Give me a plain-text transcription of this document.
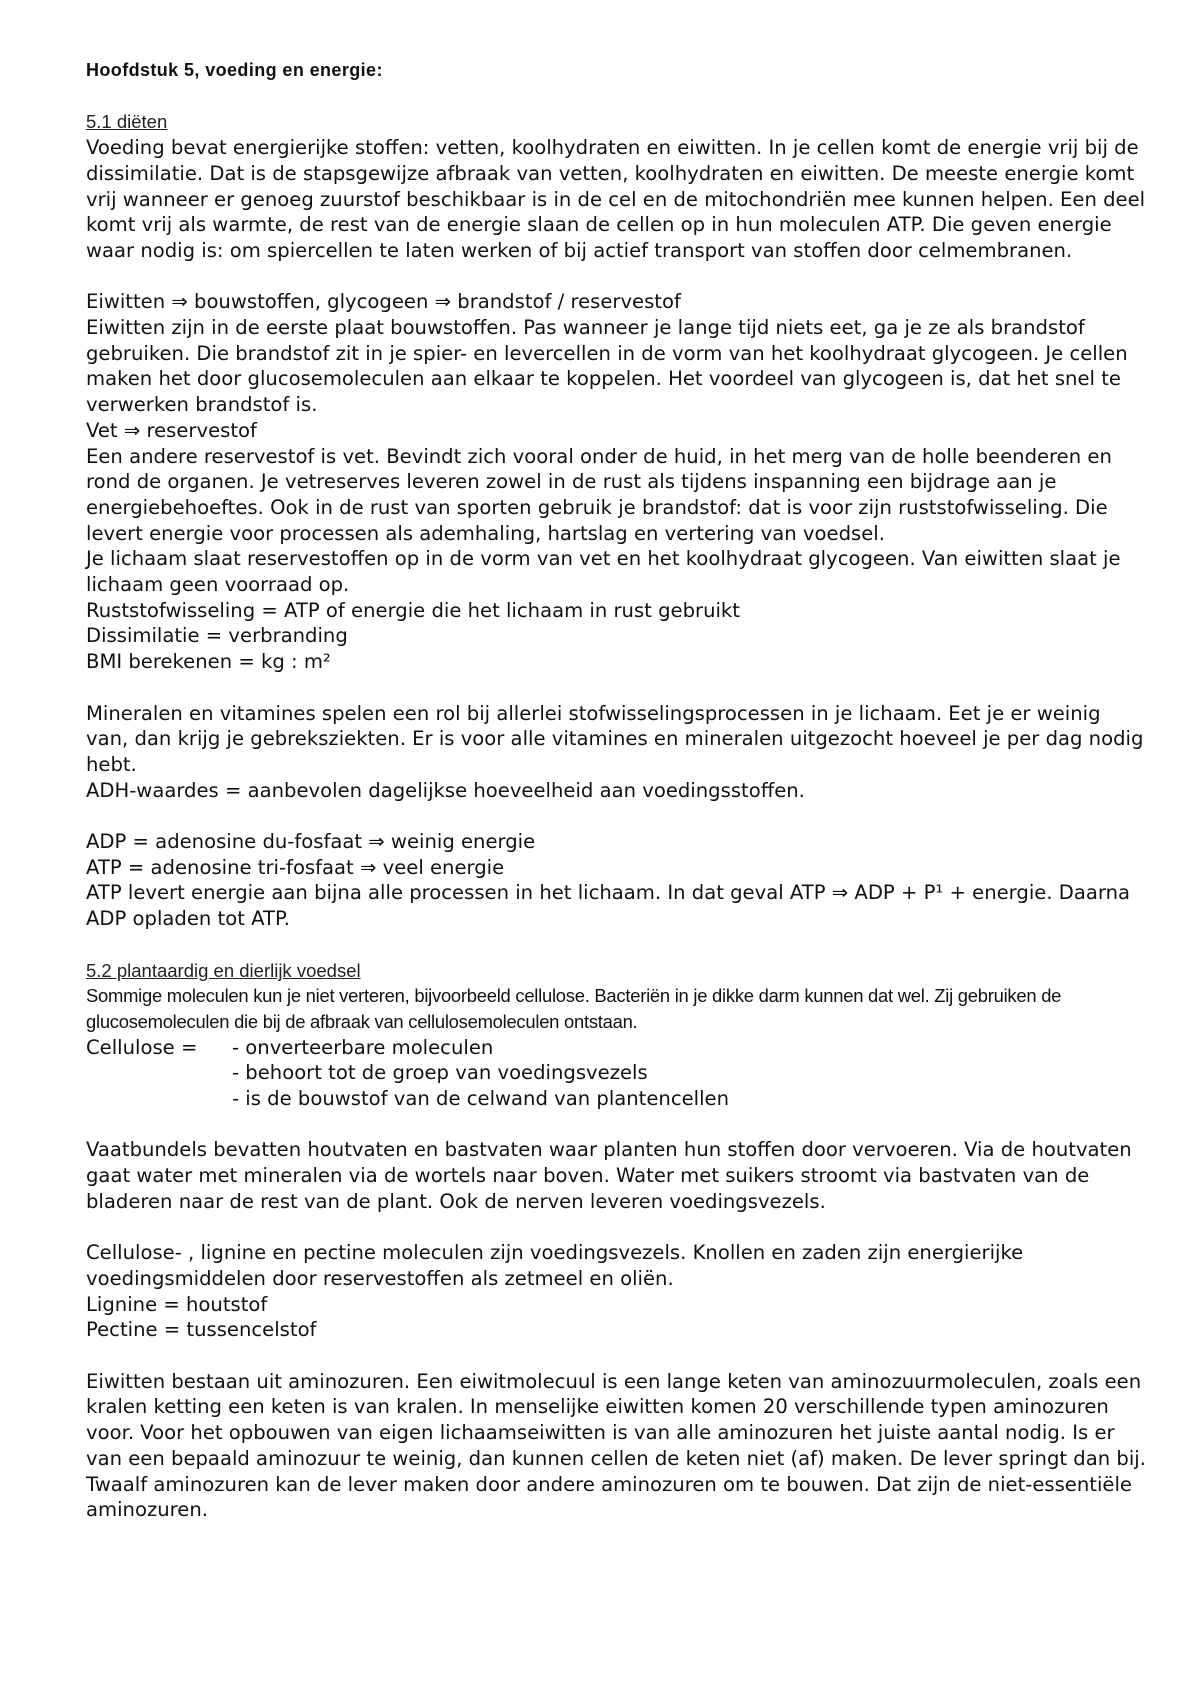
Hoofdstuk 5, voeding en energie:

5.1 diëten

Voeding bevat energierijke stoffen: vetten, koolhydraten en eiwitten. In je cellen komt de energie vrij bij de dissimilatie. Dat is de stapsgewijze afbraak van vetten, koolhydraten en eiwitten. De meeste energie komt vrij wanneer er genoeg zuurstof beschikbaar is in de cel en de mitochondriën mee kunnen helpen. Een deel komt vrij als warmte, de rest van de energie slaan de cellen op in hun moleculen ATP. Die geven energie waar nodig is: om spiercellen te laten werken of bij actief transport van stoffen door celmembranen.

Eiwitten ⇒ bouwstoffen, glycogeen ⇒ brandstof / reservestof

Eiwitten zijn in de eerste plaat bouwstoffen. Pas wanneer je lange tijd niets eet, ga je ze als brandstof gebruiken. Die brandstof zit in je spier- en levercellen in de vorm van het koolhydraat glycogeen. Je cellen maken het door glucosemoleculen aan elkaar te koppelen. Het voordeel van glycogeen is, dat het snel te verwerken brandstof is.

Vet ⇒ reservestof

Een andere reservestof is vet. Bevindt zich vooral onder de huid, in het merg van de holle beenderen en rond de organen. Je vetreserves leveren zowel in de rust als tijdens inspanning een bijdrage aan je energiebehoeftes. Ook in de rust van sporten gebruik je brandstof: dat is voor zijn ruststofwisseling. Die levert energie voor processen als ademhaling, hartslag en vertering van voedsel.

Je lichaam slaat reservestoffen op in de vorm van vet en het koolhydraat glycogeen. Van eiwitten slaat je lichaam geen voorraad op.

Ruststofwisseling = ATP of energie die het lichaam in rust gebruikt

Dissimilatie = verbranding

BMI berekenen = kg : m²

Mineralen en vitamines spelen een rol bij allerlei stofwisselingsprocessen in je lichaam. Eet je er weinig van, dan krijg je gebreksziekten. Er is voor alle vitamines en mineralen uitgezocht hoeveel je per dag nodig hebt.

ADH-waardes = aanbevolen dagelijkse hoeveelheid aan voedingsstoffen.

ADP = adenosine du-fosfaat ⇒ weinig energie

ATP = adenosine tri-fosfaat ⇒ veel energie

ATP levert energie aan bijna alle processen in het lichaam. In dat geval ATP ⇒ ADP + P¹ + energie. Daarna ADP opladen tot ATP.

5.2 plantaardig en dierlijk voedsel

Sommige moleculen kun je niet verteren, bijvoorbeeld cellulose. Bacteriën in je dikke darm kunnen dat wel. Zij gebruiken de glucosemoleculen die bij de afbraak van cellulosemoleculen ontstaan.

Cellulose =	- onverteerbare moleculen

- behoort tot de groep van voedingsvezels

- is de bouwstof van de celwand van plantencellen

Vaatbundels bevatten houtvaten en bastvaten waar planten hun stoffen door vervoeren. Via de houtvaten gaat water met mineralen via de wortels naar boven. Water met suikers stroomt via bastvaten van de bladeren naar de rest van de plant. Ook de nerven leveren voedingsvezels.

Cellulose- , lignine en pectine moleculen zijn voedingsvezels. Knollen en zaden zijn energierijke voedingsmiddelen door reservestoffen als zetmeel en oliën.

Lignine = houtstof

Pectine = tussencelstof

Eiwitten bestaan uit aminozuren. Een eiwitmolecuul is een lange keten van aminozuurmoleculen, zoals een kralen ketting een keten is van kralen. In menselijke eiwitten komen 20 verschillende typen aminozuren voor. Voor het opbouwen van eigen lichaamseiwitten is van alle aminozuren het juiste aantal nodig. Is er van een bepaald aminozuur te weinig, dan kunnen cellen de keten niet (af) maken. De lever springt dan bij. Twaalf aminozuren kan de lever maken door andere aminozuren om te bouwen. Dat zijn de niet-essentiële aminozuren.
